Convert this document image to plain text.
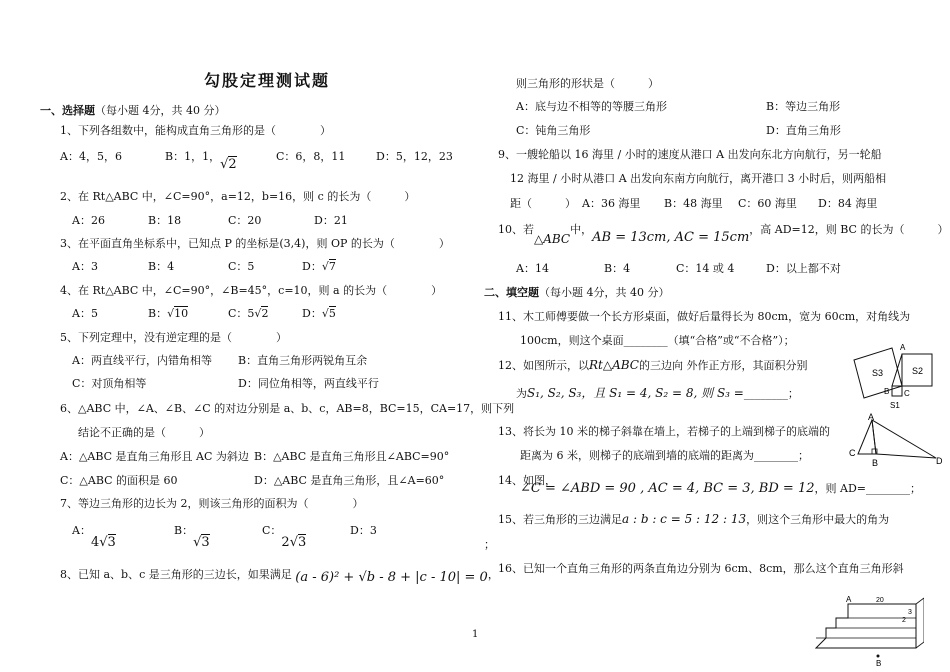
勾股定理测试题
一、选择题（每小题 4分，共 40 分）
1、下列各组数中，能构成直角三角形的是（　　　　）
A：4，5，6	B：1，1，√2
C：6，8，11	D：5，12，23
2、在 Rt△ABC 中，∠C=90°，a=12，b=16，则 c 的长为（　　　）
A：26	B：18	C：20	D：21
3、在平面直角坐标系中，已知点 P 的坐标是(3,4)，则 OP 的长为（　　　　）
A：3	B：4	C：5	D：√7
4、在 Rt△ABC 中，∠C=90°，∠B=45°，c=10，则 a 的长为（　　　　）
A：5	B：√10	C：5√2	D：√5
5、下列定理中，没有逆定理的是（　　　　）
A：两直线平行，内错角相等 B：直角三角形两锐角互余
C：对顶角相等	D：同位角相等，两直线平行
6、△ABC 中，∠A、∠B、∠C 的对边分别是 a、b、c，AB=8，BC=15，CA=17，则下列
结论不正确的是（　　　）
A：△ABC 是直角三角形且 AC 为斜边 B：△ABC 是直角三角形且∠ABC=90°
C：△ABC 的面积是 60	D：△ABC 是直角三角形，且∠A=60°
7、等边三角形的边长为 2，则该三角形的面积为（　　　　）
A：4√3
B：√3
C：2√3
D：3
8、已知 a、b、c 是三角形的三边长，如果满足 (a - 6)² + √b - 8 + |c - 10| = 0，
则三角形的形状是（　　　）
A：底与边不相等的等腰三角形	B：等边三角形
C：钝角三角形	D：直角三角形
9、一艘轮船以 16 海里 / 小时的速度从港口 A 出发向东北方向航行，另一轮船
12 海里 / 小时从港口 A 出发向东南方向航行，离开港口 3 小时后，则两船相
距（　　　） A：36 海里 B：48 海里 C：60 海里 D：84 海里
10、若△ABC中，AB = 13cm, AC = 15cm，高 AD=12，则 BC 的长为（　　　）
A：14	B：4	C：14 或 4	D：以上都不对
二、填空题（每小题 4分，共 40 分）
11、木工师傅要做一个长方形桌面，做好后量得长为 80cm，宽为 60cm，对角线为
100cm，则这个桌面________（填“合格”或“不合格”）；
12、如图所示，以Rt△ABC的三边向 外作正方形，其面积分别
为S₁, S₂, S₃，且 S₁ = 4, S₂ = 8, 则 S₃ =________；
13、将长为 10 米的梯子斜靠在墙上，若梯子的上端到梯子的底端的
距离为 6 米，则梯子的底端到墙的底端的距离为________；
14、如图，
∠C = ∠ABD = 90 , AC = 4, BC = 3, BD = 12，则 AD=________；
15、若三角形的三边满足a : b : c = 5 : 12 : 13，则这个三角形中最大的角为
；
16、已知一个直角三角形的两条直角边分别为 6cm、8cm，那么这个直角三角形斜
S3	S2
S1
A
B C
A
B
C
D
A	20
3
2
B
1
